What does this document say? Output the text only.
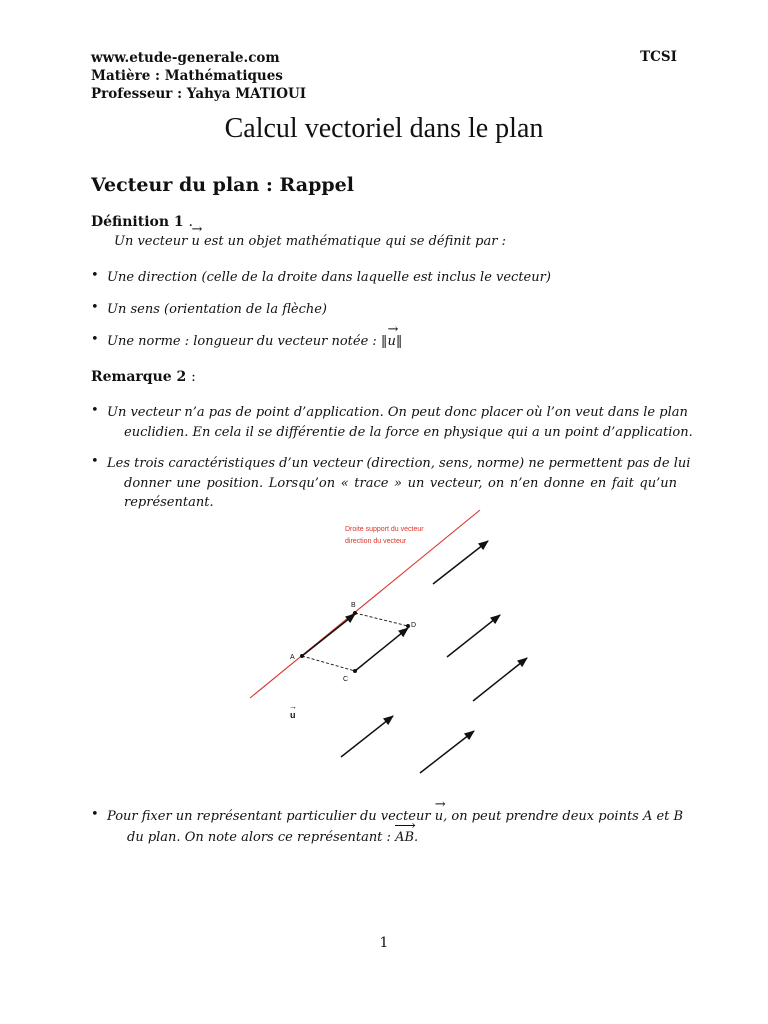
www.etude-generale.com
Matière : Mathématiques
Professeur : Yahya MATIOUI
TCSI
Calcul vectoriel dans le plan
Vecteur du plan : Rappel
Définition 1 .
Un vecteur → u est un objet mathématique qui se définit par :
• Une direction (celle de la droite dans laquelle est inclus le vecteur)
• Un sens (orientation de la flèche)
• Une norme : longueur du vecteur notée : ‖→ u‖
Remarque 2 :
• Un vecteur n’a pas de point d’application. On peut donc placer où l’on veut dans le plan
euclidien. En cela il se différentie de la force en physique qui a un point d’application.
• Les trois caractéristiques d’un vecteur (direction, sens, norme) ne permettent pas de lui
donner une position. Lorsqu’on « trace » un vecteur, on n’en donne en fait qu’un
représentant.
Droite support du vecteur
direction du vecteur
A
B
C
D
u
→
• Pour fixer un représentant particulier du vecteur → u, on peut prendre deux points A et B
du plan. On note alors ce représentant : AB ›.
1
